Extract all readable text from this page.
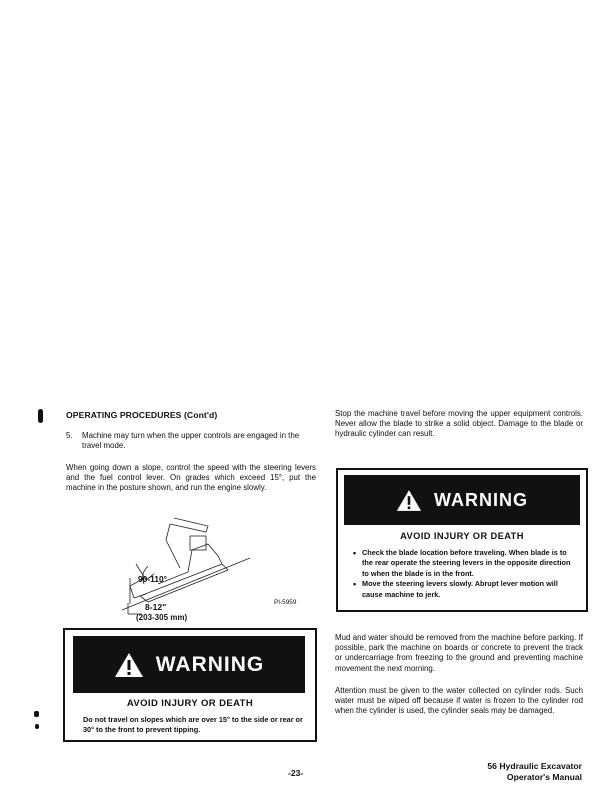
OPERATING PROCEDURES (Cont'd)
5.	Machine may turn when the upper controls are engaged in the travel mode.
When going down a slope, control the speed with the steering levers and the fuel control lever. On grades which exceed 15°, put the machine in the posture shown, and run the engine slowly.
90-110°
8-12"
(203-305 mm)
PI-5959
WARNING
AVOID INJURY OR DEATH
Do not travel on slopes which are over 15° to the side or rear or 30° to the front to prevent tipping.
Stop the machine travel before moving the upper equipment controls. Never allow the blade to strike a solid object. Damage to the blade or hydraulic cylinder can result.
WARNING
AVOID INJURY OR DEATH
• Check the blade location before traveling. When blade is to the rear operate the steering levers in the opposite direction to when the blade is in the front.
• Move the steering levers slowly. Abrupt lever motion will cause machine to jerk.
Mud and water should be removed from the machine before parking. If possible, park the machine on boards or concrete to prevent the track or undercarriage from freezing to the ground and preventing machine movement the next morning.
Attention must be given to the water collected on cylinder rods. Such water must be wiped off because if water is frozen to the cylinder rod when the cylinder is used, the cylinder seals may be damaged.
-23-
56 Hydraulic Excavator
Operator's Manual
